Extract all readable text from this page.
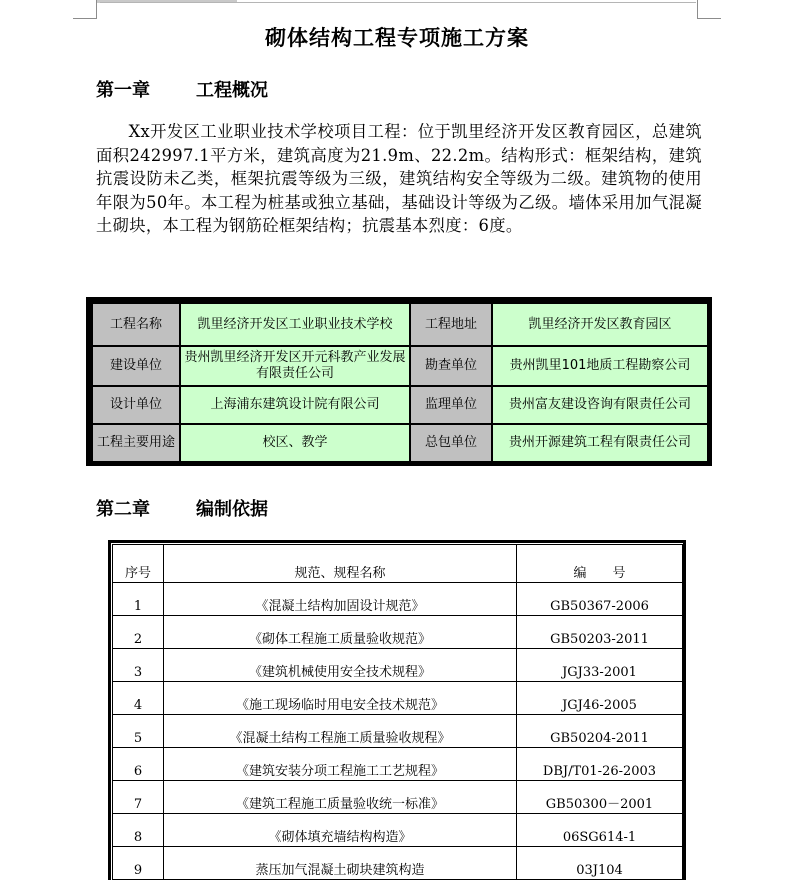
砌体结构工程专项施工方案
第一章	工程概况
Xx开发区工业职业技术学校项目工程：位于凯里经济开发区教育园区，总建筑面积242997.1平方米，建筑高度为21.9m、22.2m。结构形式：框架结构，建筑抗震设防未乙类，框架抗震等级为三级，建筑结构安全等级为二级。建筑物的使用年限为50年。本工程为桩基或独立基础，基础设计等级为乙级。墙体采用加气混凝土砌块，本工程为钢筋砼框架结构；抗震基本烈度：6度。
工程名称	凯里经济开发区工业职业技术学校	工程地址	凯里经济开发区教育园区
建设单位	贵州凯里经济开发区开元科教产业发展有限责任公司	勘查单位	贵州凯里101地质工程勘察公司
设计单位	上海浦东建筑设计院有限公司	监理单位	贵州富友建设咨询有限责任公司
工程主要用途	校区、教学	总包单位	贵州开源建筑工程有限责任公司
第二章	编制依据
序号	规范、规程名称	编　　号
1	《混凝土结构加固设计规范》	GB50367-2006
2	《砌体工程施工质量验收规范》	GB50203-2011
3	《建筑机械使用安全技术规程》	JGJ33-2001
4	《施工现场临时用电安全技术规范》	JGJ46-2005
5	《混凝土结构工程施工质量验收规程》	GB50204-2011
6	《建筑安装分项工程施工工艺规程》	DBJ/T01-26-2003
7	《建筑工程施工质量验收统一标准》	GB50300－2001
8	《砌体填充墙结构构造》	06SG614-1
9	蒸压加气混凝土砌块建筑构造	03J104
